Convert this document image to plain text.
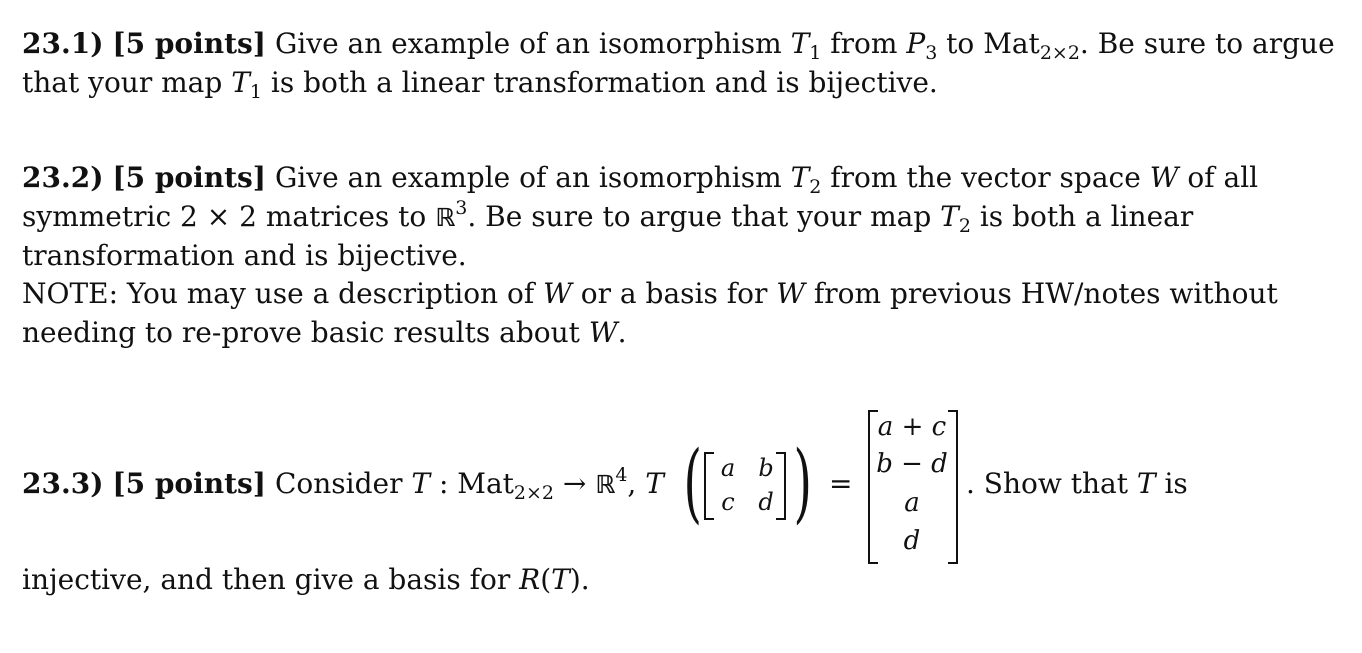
23.1) [5 points] Give an example of an isomorphism $T_1$ from $P_3$ to Mat$_{2\times 2}$. Be sure to argue
that your map $T_1$ is both a linear transformation and is bijective.
23.2) [5 points] Give an example of an isomorphism $T_2$ from the vector space W of all
symmetric 2 × 2 matrices to ℝ$^3$. Be sure to argue that your map $T_2$ is both a linear
transformation and is bijective.
NOTE: You may use a description of W or a basis for W from previous HW/notes without
needing to re-prove basic results about W.
23.3) [5 points] Consider T : Mat$_{2\times 2}$ → ℝ$^4$, T ( )
a b
c d
=
a + c
b − d
a
d
. Show that T is
injective, and then give a basis for R(T).
